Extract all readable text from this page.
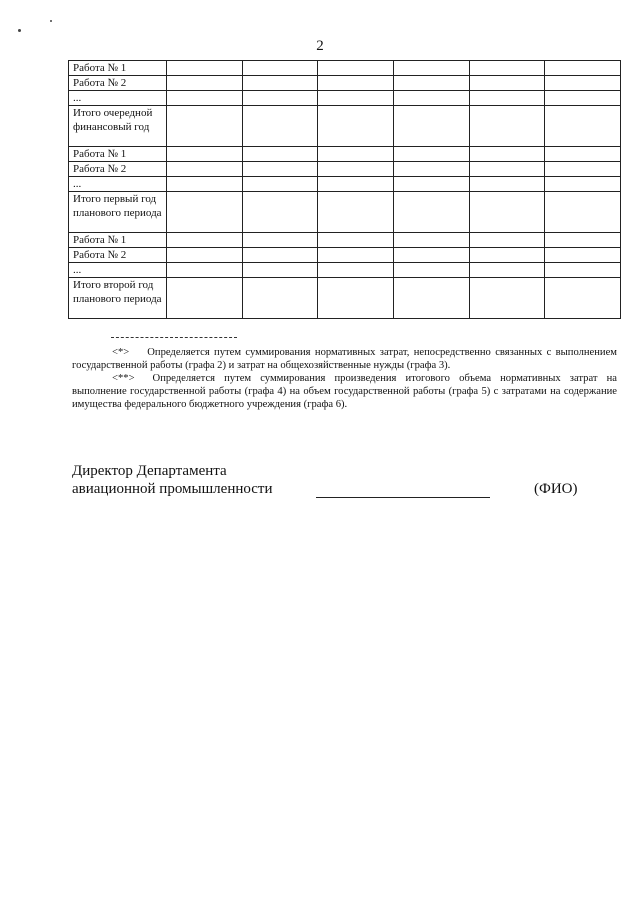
2
Работа № 1						
Работа № 2						
...						
Итого очередной финансовый год						
Работа № 1						
Работа № 2						
...						
Итого первый год планового периода						
Работа № 1						
Работа № 2						
...						
Итого второй год планового периода						

<*> Определяется путем суммирования нормативных затрат, непосредственно связанных с выполнением государственной работы (графа 2) и затрат на общехозяйственные нужды (графа 3).

<**> Определяется путем суммирования произведения итогового объема нормативных затрат на выполнение государственной работы (графа 4) на объем государственной работы (графа 5) с затратами на содержание имущества федерального бюджетного учреждения (графа 6).

Директор Департамента
авиационной промышленности	(ФИО)
